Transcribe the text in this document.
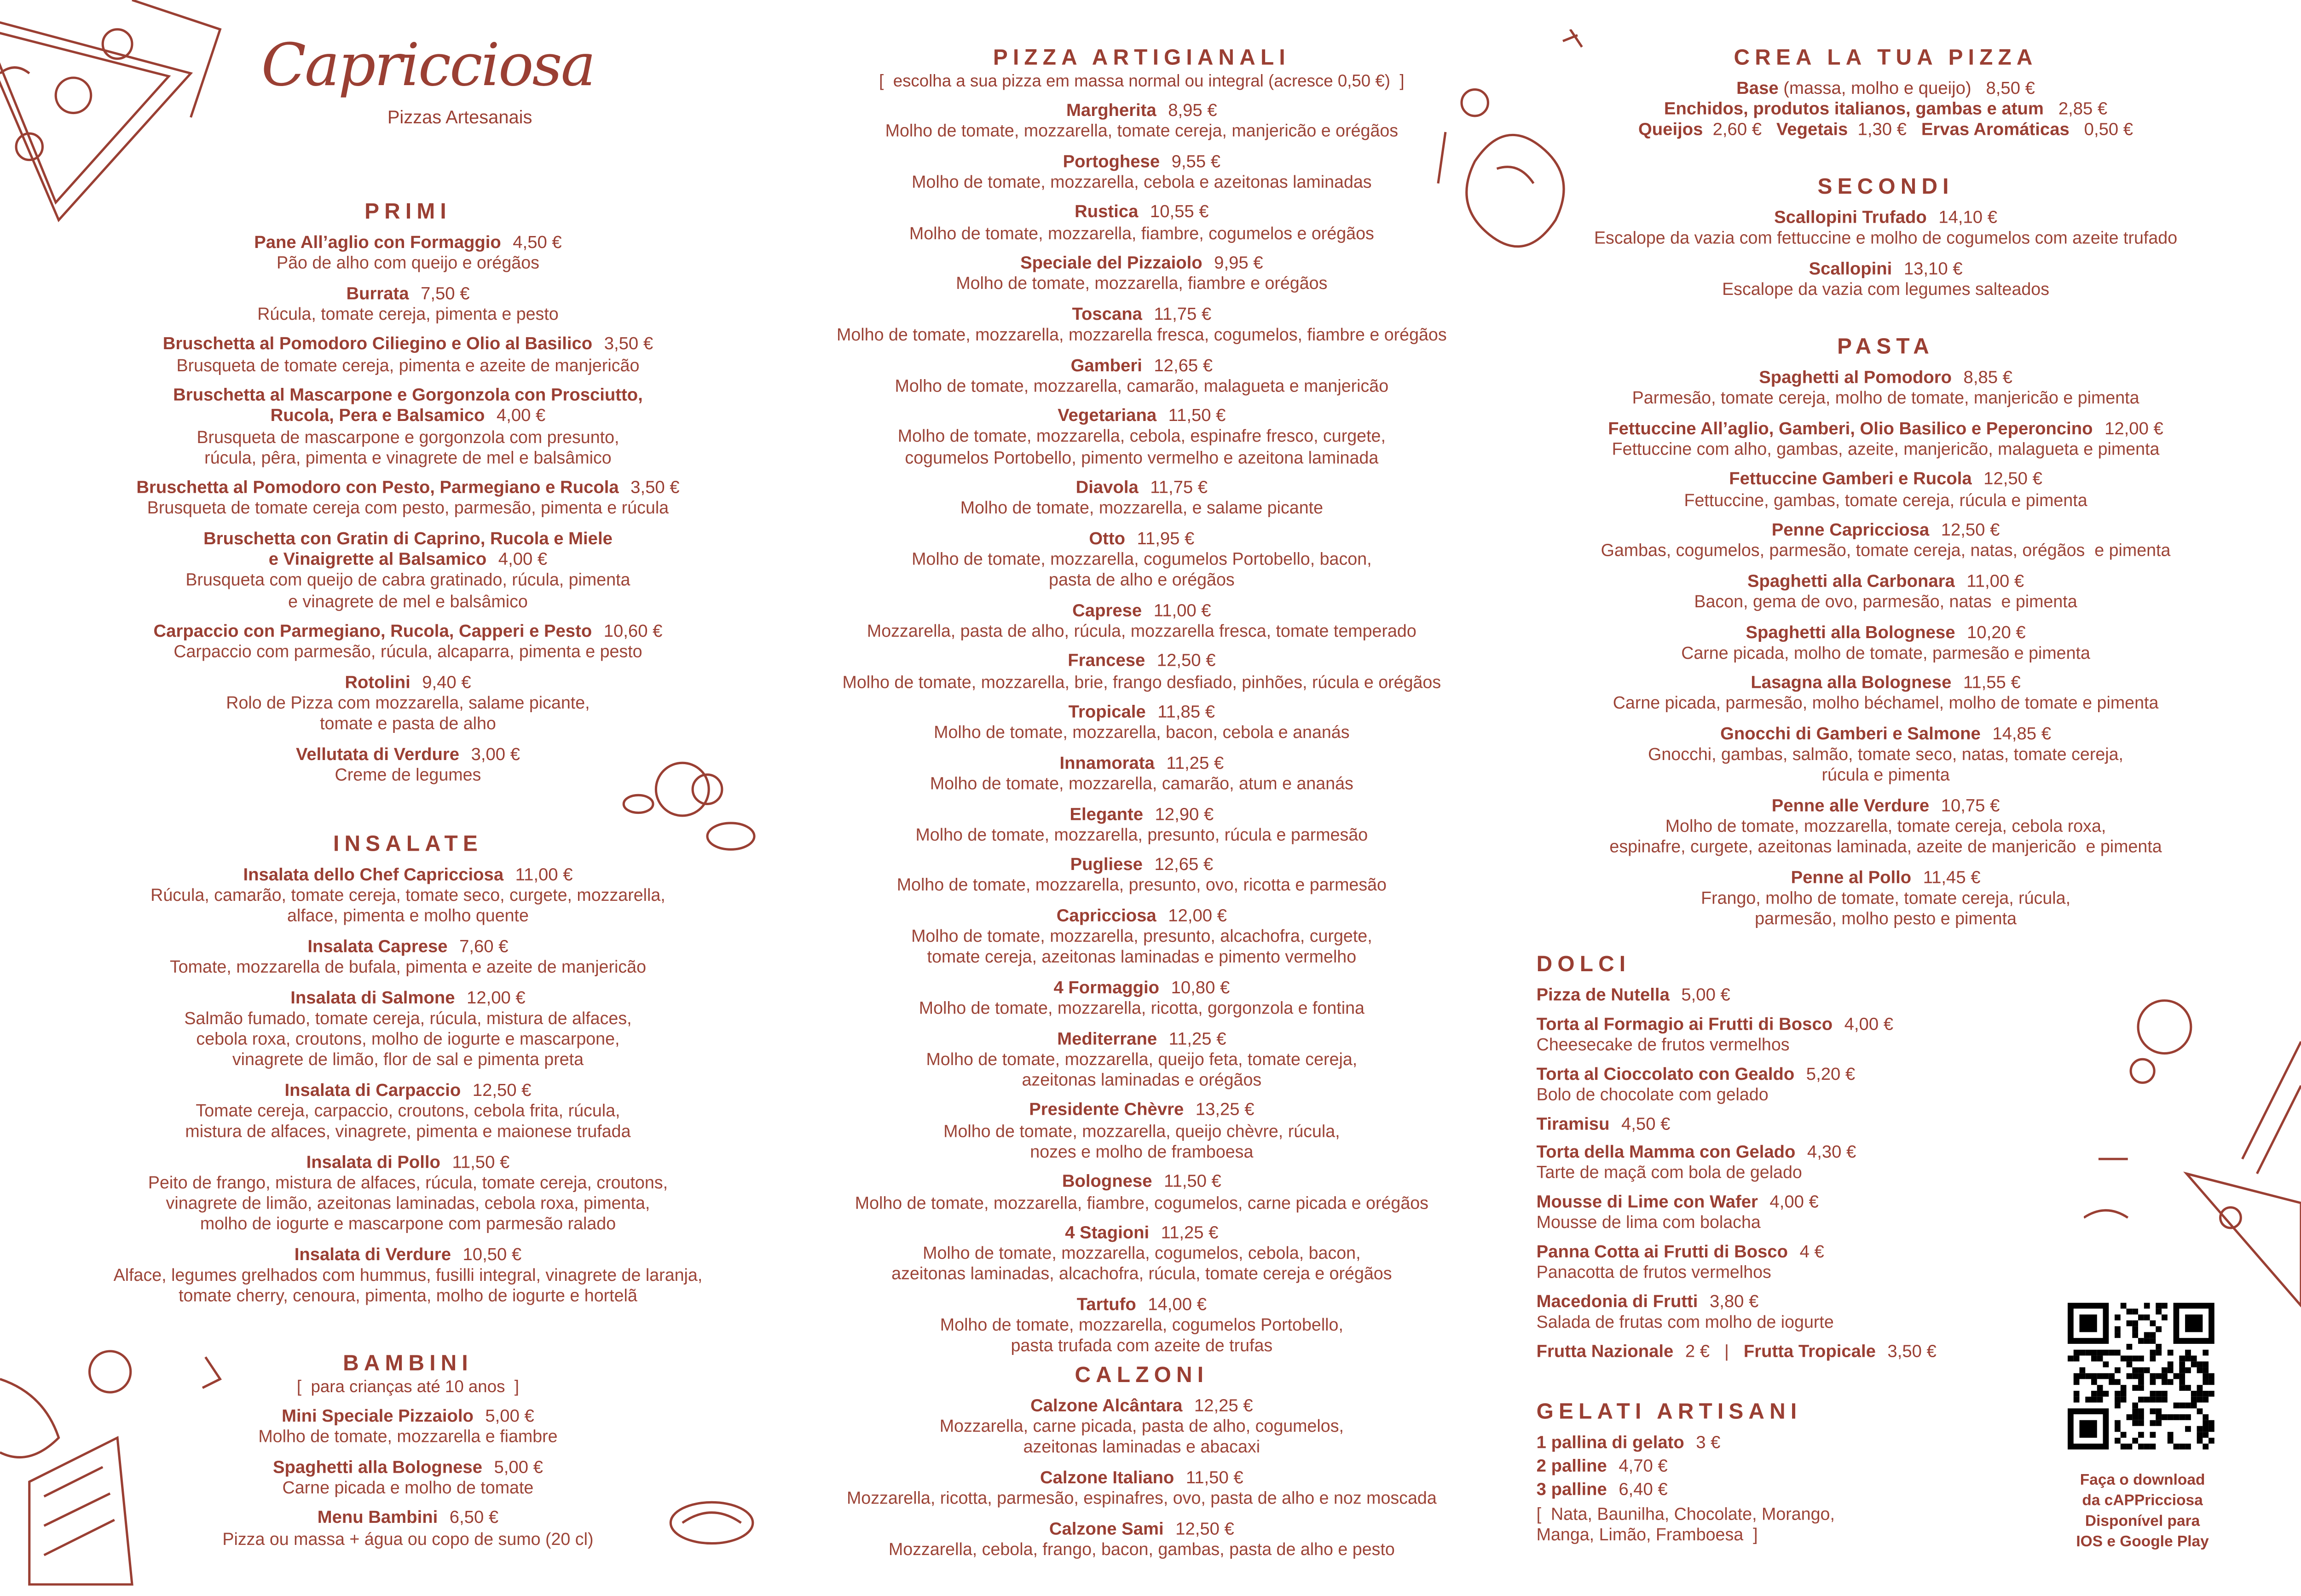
Capricciosa
Pizzas Artesanais
PRIMI
Pane All’aglio con Formaggio 4,50 €
Pão de alho com queijo e orégãos
Burrata 7,50 €
Rúcula, tomate cereja, pimenta e pesto
Bruschetta al Pomodoro Ciliegino e Olio al Basilico 3,50 €
Brusqueta de tomate cereja, pimenta e azeite de manjericão
Bruschetta al Mascarpone e Gorgonzola con Prosciutto,
Rucola, Pera e Balsamico 4,00 €
Brusqueta de mascarpone e gorgonzola com presunto,
rúcula, pêra, pimenta e vinagrete de mel e balsâmico
Bruschetta al Pomodoro con Pesto, Parmegiano e Rucola 3,50 €
Brusqueta de tomate cereja com pesto, parmesão, pimenta e rúcula
Bruschetta con Gratin di Caprino, Rucola e Miele
e Vinaigrette al Balsamico 4,00 €
Brusqueta com queijo de cabra gratinado, rúcula, pimenta
e vinagrete de mel e balsâmico
Carpaccio con Parmegiano, Rucola, Capperi e Pesto 10,60 €
Carpaccio com parmesão, rúcula, alcaparra, pimenta e pesto
Rotolini 9,40 €
Rolo de Pizza com mozzarella, salame picante,
tomate e pasta de alho
Vellutata di Verdure 3,00 €
Creme de legumes
INSALATE
Insalata dello Chef Capricciosa 11,00 €
Rúcula, camarão, tomate cereja, tomate seco, curgete, mozzarella,
alface, pimenta e molho quente
Insalata Caprese 7,60 €
Tomate, mozzarella de bufala, pimenta e azeite de manjericão
Insalata di Salmone 12,00 €
Salmão fumado, tomate cereja, rúcula, mistura de alfaces,
cebola roxa, croutons, molho de iogurte e mascarpone,
vinagrete de limão, flor de sal e pimenta preta
Insalata di Carpaccio 12,50 €
Tomate cereja, carpaccio, croutons, cebola frita, rúcula,
mistura de alfaces, vinagrete, pimenta e maionese trufada
Insalata di Pollo 11,50 €
Peito de frango, mistura de alfaces, rúcula, tomate cereja, croutons,
vinagrete de limão, azeitonas laminadas, cebola roxa, pimenta,
molho de iogurte e mascarpone com parmesão ralado
Insalata di Verdure 10,50 €
Alface, legumes grelhados com hummus, fusilli integral, vinagrete de laranja,
tomate cherry, cenoura, pimenta, molho de iogurte e hortelã
BAMBINI
[  para crianças até 10 anos  ]
Mini Speciale Pizzaiolo 5,00 €
Molho de tomate, mozzarella e fiambre
Spaghetti alla Bolognese 5,00 €
Carne picada e molho de tomate
Menu Bambini 6,50 €
Pizza ou massa + água ou copo de sumo (20 cl)
PIZZA ARTIGIANALI
[  escolha a sua pizza em massa normal ou integral (acresce 0,50 €)  ]
Margherita 8,95 €
Molho de tomate, mozzarella, tomate cereja, manjericão e orégãos
Portoghese 9,55 €
Molho de tomate, mozzarella, cebola e azeitonas laminadas
Rustica 10,55 €
Molho de tomate, mozzarella, fiambre, cogumelos e orégãos
Speciale del Pizzaiolo 9,95 €
Molho de tomate, mozzarella, fiambre e orégãos
Toscana 11,75 €
Molho de tomate, mozzarella, mozzarella fresca, cogumelos, fiambre e orégãos
Gamberi 12,65 €
Molho de tomate, mozzarella, camarão, malagueta e manjericão
Vegetariana 11,50 €
Molho de tomate, mozzarella, cebola, espinafre fresco, curgete,
cogumelos Portobello, pimento vermelho e azeitona laminada
Diavola 11,75 €
Molho de tomate, mozzarella, e salame picante
Otto 11,95 €
Molho de tomate, mozzarella, cogumelos Portobello, bacon,
pasta de alho e orégãos
Caprese 11,00 €
Mozzarella, pasta de alho, rúcula, mozzarella fresca, tomate temperado
Francese 12,50 €
Molho de tomate, mozzarella, brie, frango desfiado, pinhões, rúcula e orégãos
Tropicale 11,85 €
Molho de tomate, mozzarella, bacon, cebola e ananás
Innamorata 11,25 €
Molho de tomate, mozzarella, camarão, atum e ananás
Elegante 12,90 €
Molho de tomate, mozzarella, presunto, rúcula e parmesão
Pugliese 12,65 €
Molho de tomate, mozzarella, presunto, ovo, ricotta e parmesão
Capricciosa 12,00 €
Molho de tomate, mozzarella, presunto, alcachofra, curgete,
tomate cereja, azeitonas laminadas e pimento vermelho
4 Formaggio 10,80 €
Molho de tomate, mozzarella, ricotta, gorgonzola e fontina
Mediterrane 11,25 €
Molho de tomate, mozzarella, queijo feta, tomate cereja,
azeitonas laminadas e orégãos
Presidente Chèvre 13,25 €
Molho de tomate, mozzarella, queijo chèvre, rúcula,
nozes e molho de framboesa
Bolognese 11,50 €
Molho de tomate, mozzarella, fiambre, cogumelos, carne picada e orégãos
4 Stagioni 11,25 €
Molho de tomate, mozzarella, cogumelos, cebola, bacon,
azeitonas laminadas, alcachofra, rúcula, tomate cereja e orégãos
Tartufo 14,00 €
Molho de tomate, mozzarella, cogumelos Portobello,
pasta trufada com azeite de trufas
CALZONI
Calzone Alcântara 12,25 €
Mozzarella, carne picada, pasta de alho, cogumelos,
azeitonas laminadas e abacaxi
Calzone Italiano 11,50 €
Mozzarella, ricotta, parmesão, espinafres, ovo, pasta de alho e noz moscada
Calzone Sami 12,50 €
Mozzarella, cebola, frango, bacon, gambas, pasta de alho e pesto
CREA LA TUA PIZZA
Base (massa, molho e queijo)   8,50 €
Enchidos, produtos italianos, gambas e atum   2,85 €
Queijos  2,60 €   Vegetais  1,30 €   Ervas Aromáticas   0,50 €
SECONDI
Scallopini Trufado 14,10 €
Escalope da vazia com fettuccine e molho de cogumelos com azeite trufado
Scallopini 13,10 €
Escalope da vazia com legumes salteados
PASTA
Spaghetti al Pomodoro 8,85 €
Parmesão, tomate cereja, molho de tomate, manjericão e pimenta
Fettuccine All’aglio, Gamberi, Olio Basilico e Peperoncino 12,00 €
Fettuccine com alho, gambas, azeite, manjericão, malagueta e pimenta
Fettuccine Gamberi e Rucola 12,50 €
Fettuccine, gambas, tomate cereja, rúcula e pimenta
Penne Capricciosa 12,50 €
Gambas, cogumelos, parmesão, tomate cereja, natas, orégãos  e pimenta
Spaghetti alla Carbonara 11,00 €
Bacon, gema de ovo, parmesão, natas  e pimenta
Spaghetti alla Bolognese 10,20 €
Carne picada, molho de tomate, parmesão e pimenta
Lasagna alla Bolognese 11,55 €
Carne picada, parmesão, molho béchamel, molho de tomate e pimenta
Gnocchi di Gamberi e Salmone 14,85 €
Gnocchi, gambas, salmão, tomate seco, natas, tomate cereja,
rúcula e pimenta
Penne alle Verdure 10,75 €
Molho de tomate, mozzarella, tomate cereja, cebola roxa,
espinafre, curgete, azeitonas laminada, azeite de manjericão  e pimenta
Penne al Pollo 11,45 €
Frango, molho de tomate, tomate cereja, rúcula,
parmesão, molho pesto e pimenta
DOLCI
Pizza de Nutella 5,00 €
Torta al Formagio ai Frutti di Bosco 4,00 €
Cheesecake de frutos vermelhos
Torta al Cioccolato con Gealdo 5,20 €
Bolo de chocolate com gelado
Tiramisu 4,50 €
Torta della Mamma con Gelado 4,30 €
Tarte de maçã com bola de gelado
Mousse di Lime con Wafer 4,00 €
Mousse de lima com bolacha
Panna Cotta ai Frutti di Bosco 4 €
Panacotta de frutos vermelhos
Macedonia di Frutti 3,80 €
Salada de frutas com molho de iogurte
Frutta Nazionale 2 €	|	Frutta Tropicale 3,50 €
GELATI ARTISANI
1 pallina di gelato 3 €
2 palline 4,70 €
3 palline 6,40 €
[  Nata, Baunilha, Chocolate, Morango,
Manga, Limão, Framboesa  ]
Faça o download
da cAPPricciosa
Disponível para
IOS e Google Play
